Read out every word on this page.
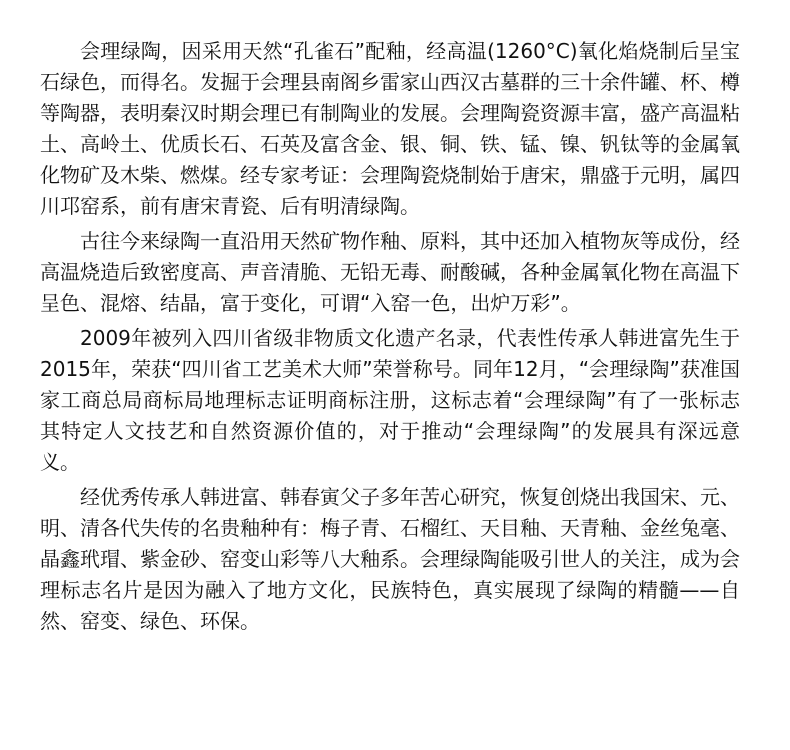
会理绿陶，因采用天然“孔雀石”配釉，经高温(1260°C)氧化焰烧制后呈宝石绿色，而得名。发掘于会理县南阁乡雷家山西汉古墓群的三十余件罐、杯、樽等陶器，表明秦汉时期会理已有制陶业的发展。会理陶瓷资源丰富，盛产高温粘土、高岭土、优质长石、石英及富含金、银、铜、铁、锰、镍、钒钛等的金属氧化物矿及木柴、燃煤。经专家考证：会理陶瓷烧制始于唐宋，鼎盛于元明，属四川邛窑系，前有唐宋青瓷、后有明清绿陶。

古往今来绿陶一直沿用天然矿物作釉、原料，其中还加入植物灰等成份，经高温烧造后致密度高、声音清脆、无铅无毒、耐酸碱，各种金属氧化物在高温下呈色、混熔、结晶，富于变化，可谓“入窑一色，出炉万彩”。

2009年被列入四川省级非物质文化遗产名录，代表性传承人韩进富先生于2015年，荣获“四川省工艺美术大师”荣誉称号。同年12月，“会理绿陶”获准国家工商总局商标局地理标志证明商标注册，这标志着“会理绿陶”有了一张标志其特定人文技艺和自然资源价值的，对于推动“会理绿陶”的发展具有深远意义。

经优秀传承人韩进富、韩春寅父子多年苦心研究，恢复创烧出我国宋、元、明、清各代失传的名贵釉种有：梅子青、石榴红、天目釉、天青釉、金丝兔毫、晶鑫玳瑁、紫金砂、窑变山彩等八大釉系。会理绿陶能吸引世人的关注，成为会理标志名片是因为融入了地方文化，民族特色，真实展现了绿陶的精髓——自然、窑变、绿色、环保。
